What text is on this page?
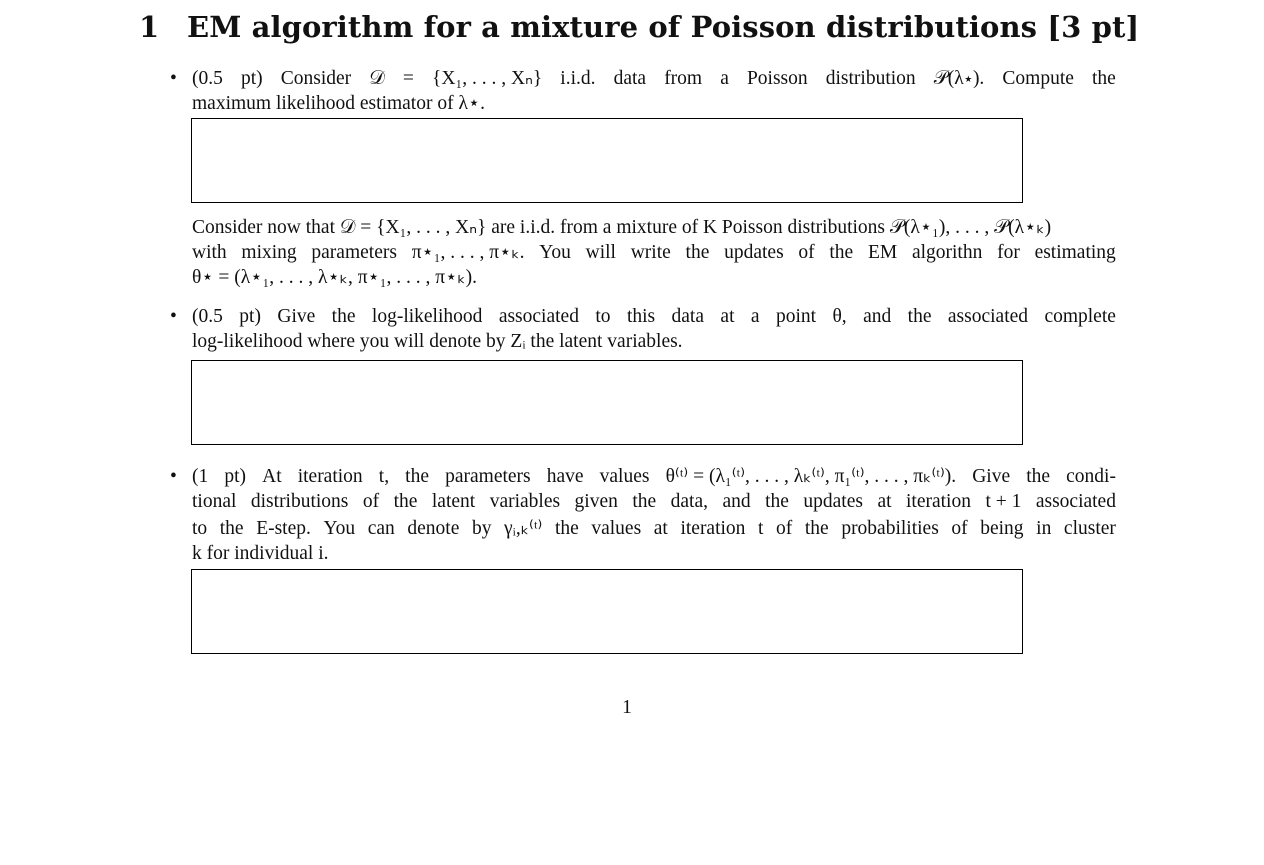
1 EM algorithm for a mixture of Poisson distributions [3 pt]
• (0.5 pt) Consider 𝒟 = {X₁, . . . , Xₙ} i.i.d. data from a Poisson distribution 𝒫(λ⋆). Compute the
maximum likelihood estimator of λ⋆.
Consider now that 𝒟 = {X₁, . . . , Xₙ} are i.i.d. from a mixture of K Poisson distributions 𝒫(λ⋆₁), . . . , 𝒫(λ⋆ₖ)
with mixing parameters π⋆₁, . . . , π⋆ₖ. You will write the updates of the EM algorithn for estimating
θ⋆ = (λ⋆₁, . . . , λ⋆ₖ, π⋆₁, . . . , π⋆ₖ).
• (0.5 pt) Give the log-likelihood associated to this data at a point θ, and the associated complete
log-likelihood where you will denote by Zᵢ the latent variables.
• (1 pt) At iteration t, the parameters have values θ⁽ᵗ⁾ = (λ₁⁽ᵗ⁾, . . . , λₖ⁽ᵗ⁾, π₁⁽ᵗ⁾, . . . , πₖ⁽ᵗ⁾). Give the condi-
tional distributions of the latent variables given the data, and the updates at iteration t + 1 associated
to the E-step. You can denote by γᵢ,ₖ⁽ᵗ⁾ the values at iteration t of the probabilities of being in cluster
k for individual i.
1
